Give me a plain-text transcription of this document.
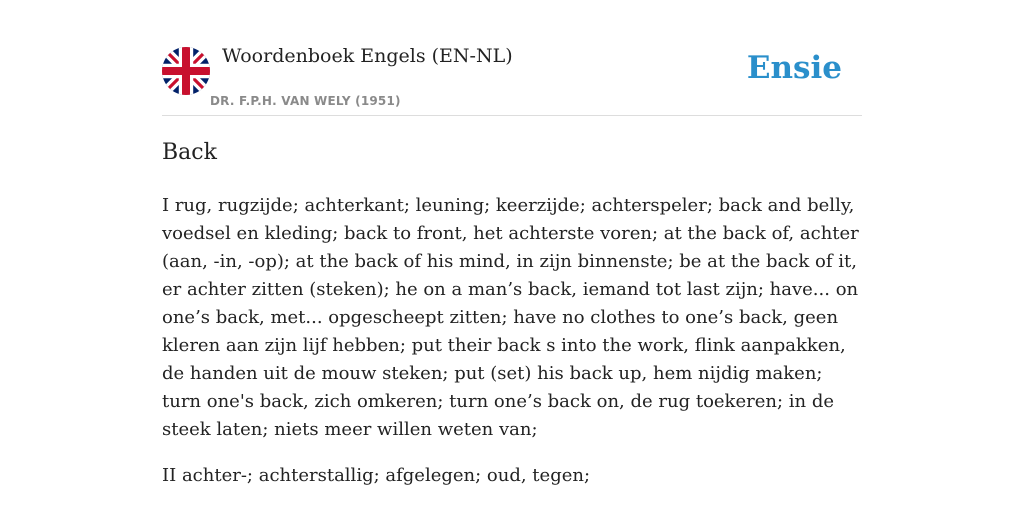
Woordenboek Engels (EN-NL)
DR. F.P.H. VAN WELY (1951)
Ensie
Back

I rug, rugzijde; achterkant; leuning; keerzijde; achterspeler; back and belly, voedsel en kleding; back to front, het achterste voren; at the back of, achter (aan, -in, -op); at the back of his mind, in zijn binnenste; be at the back of it, er achter zitten (steken); he on a man’s back, iemand tot last zijn; have... on one’s back, met... opgescheept zitten; have no clothes to one’s back, geen kleren aan zijn lijf hebben; put their back s into the work, flink aanpakken, de handen uit de mouw steken; put (set) his back up, hem nijdig maken; turn one's back, zich omkeren; turn one’s back on, de rug toekeren; in de steek laten; niets meer willen weten van;

II achter-; achterstallig; afgelegen; oud, tegen;
